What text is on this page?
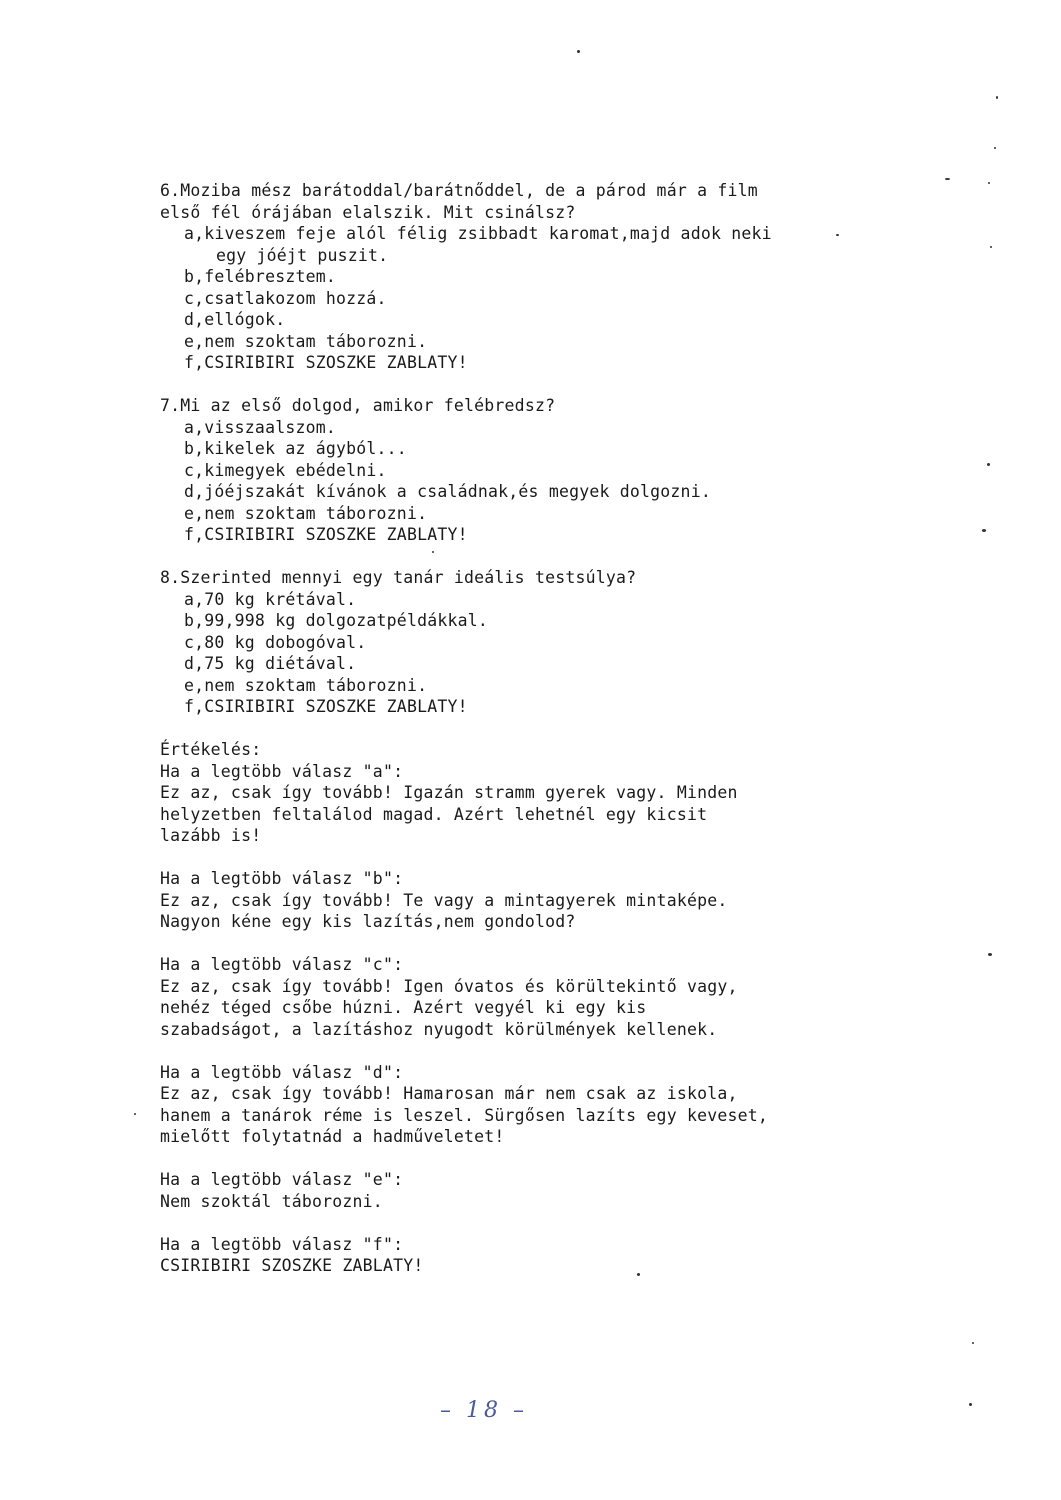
6.Moziba mész barátoddal/barátnőddel, de a párod már a film
első fél órájában elalszik. Mit csinálsz?
a,kiveszem feje alól félig zsibbadt karomat,majd adok neki
egy jóéjt puszit.
b,felébresztem.
c,csatlakozom hozzá.
d,ellógok.
e,nem szoktam táborozni.
f,CSIRIBIRI SZOSZKE ZABLATY!
7.Mi az első dolgod, amikor felébredsz?
a,visszaalszom.
b,kikelek az ágyból...
c,kimegyek ebédelni.
d,jóéjszakát kívánok a családnak,és megyek dolgozni.
e,nem szoktam táborozni.
f,CSIRIBIRI SZOSZKE ZABLATY!
8.Szerinted mennyi egy tanár ideális testsúlya?
a,70 kg krétával.
b,99,998 kg dolgozatpéldákkal.
c,80 kg dobogóval.
d,75 kg diétával.
e,nem szoktam táborozni.
f,CSIRIBIRI SZOSZKE ZABLATY!
Értékelés:
Ha a legtöbb válasz "a":
Ez az, csak így tovább! Igazán stramm gyerek vagy. Minden
helyzetben feltalálod magad. Azért lehetnél egy kicsit
lazább is!
Ha a legtöbb válasz "b":
Ez az, csak így tovább! Te vagy a mintagyerek mintaképe.
Nagyon kéne egy kis lazítás,nem gondolod?
Ha a legtöbb válasz "c":
Ez az, csak így tovább! Igen óvatos és körültekintő vagy,
nehéz téged csőbe húzni. Azért vegyél ki egy kis
szabadságot, a lazításhoz nyugodt körülmények kellenek.
Ha a legtöbb válasz "d":
Ez az, csak így tovább! Hamarosan már nem csak az iskola,
hanem a tanárok réme is leszel. Sürgősen lazíts egy keveset,
mielőtt folytatnád a hadműveletet!
Ha a legtöbb válasz "e":
Nem szoktál táborozni.
Ha a legtöbb válasz "f":
CSIRIBIRI SZOSZKE ZABLATY!
– 18 –
